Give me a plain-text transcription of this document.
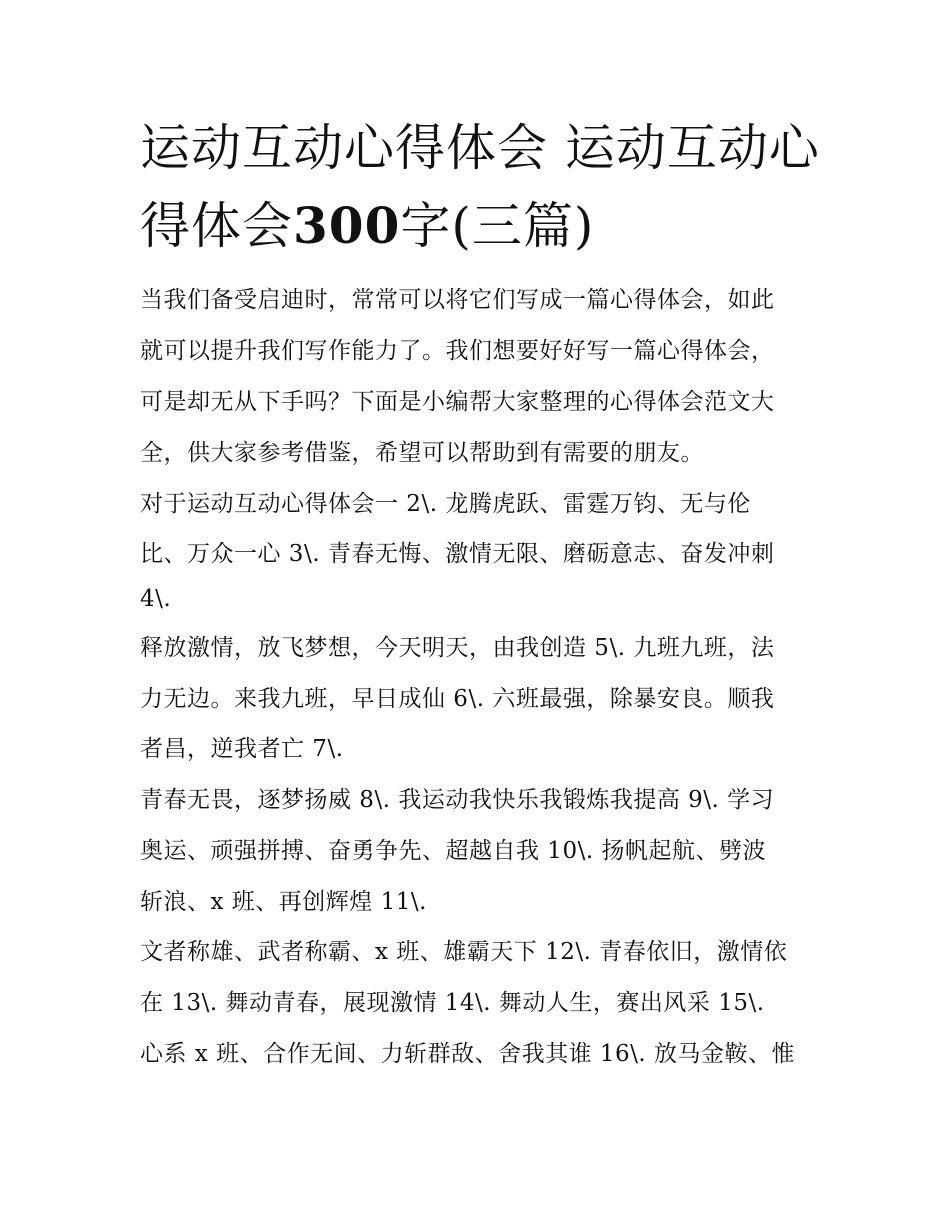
运动互动心得体会 运动互动心
得体会300字(三篇)
当我们备受启迪时，常常可以将它们写成一篇心得体会，如此
就可以提升我们写作能力了。我们想要好好写一篇心得体会，
可是却无从下手吗？下面是小编帮大家整理的心得体会范文大
全，供大家参考借鉴，希望可以帮助到有需要的朋友。
对于运动互动心得体会一 2\. 龙腾虎跃、雷霆万钧、无与伦
比、万众一心 3\. 青春无悔、激情无限、磨砺意志、奋发冲刺
4\.
释放激情，放飞梦想，今天明天，由我创造 5\. 九班九班，法
力无边。来我九班，早日成仙 6\. 六班最强，除暴安良。顺我
者昌，逆我者亡 7\.
青春无畏，逐梦扬威 8\. 我运动我快乐我锻炼我提高 9\. 学习
奥运、顽强拼搏、奋勇争先、超越自我 10\. 扬帆起航、劈波
斩浪、x 班、再创辉煌 11\.
文者称雄、武者称霸、x 班、雄霸天下 12\. 青春依旧，激情依
在 13\. 舞动青春，展现激情 14\. 舞动人生，赛出风采 15\.
心系 x 班、合作无间、力斩群敌、舍我其谁 16\. 放马金鞍、惟
